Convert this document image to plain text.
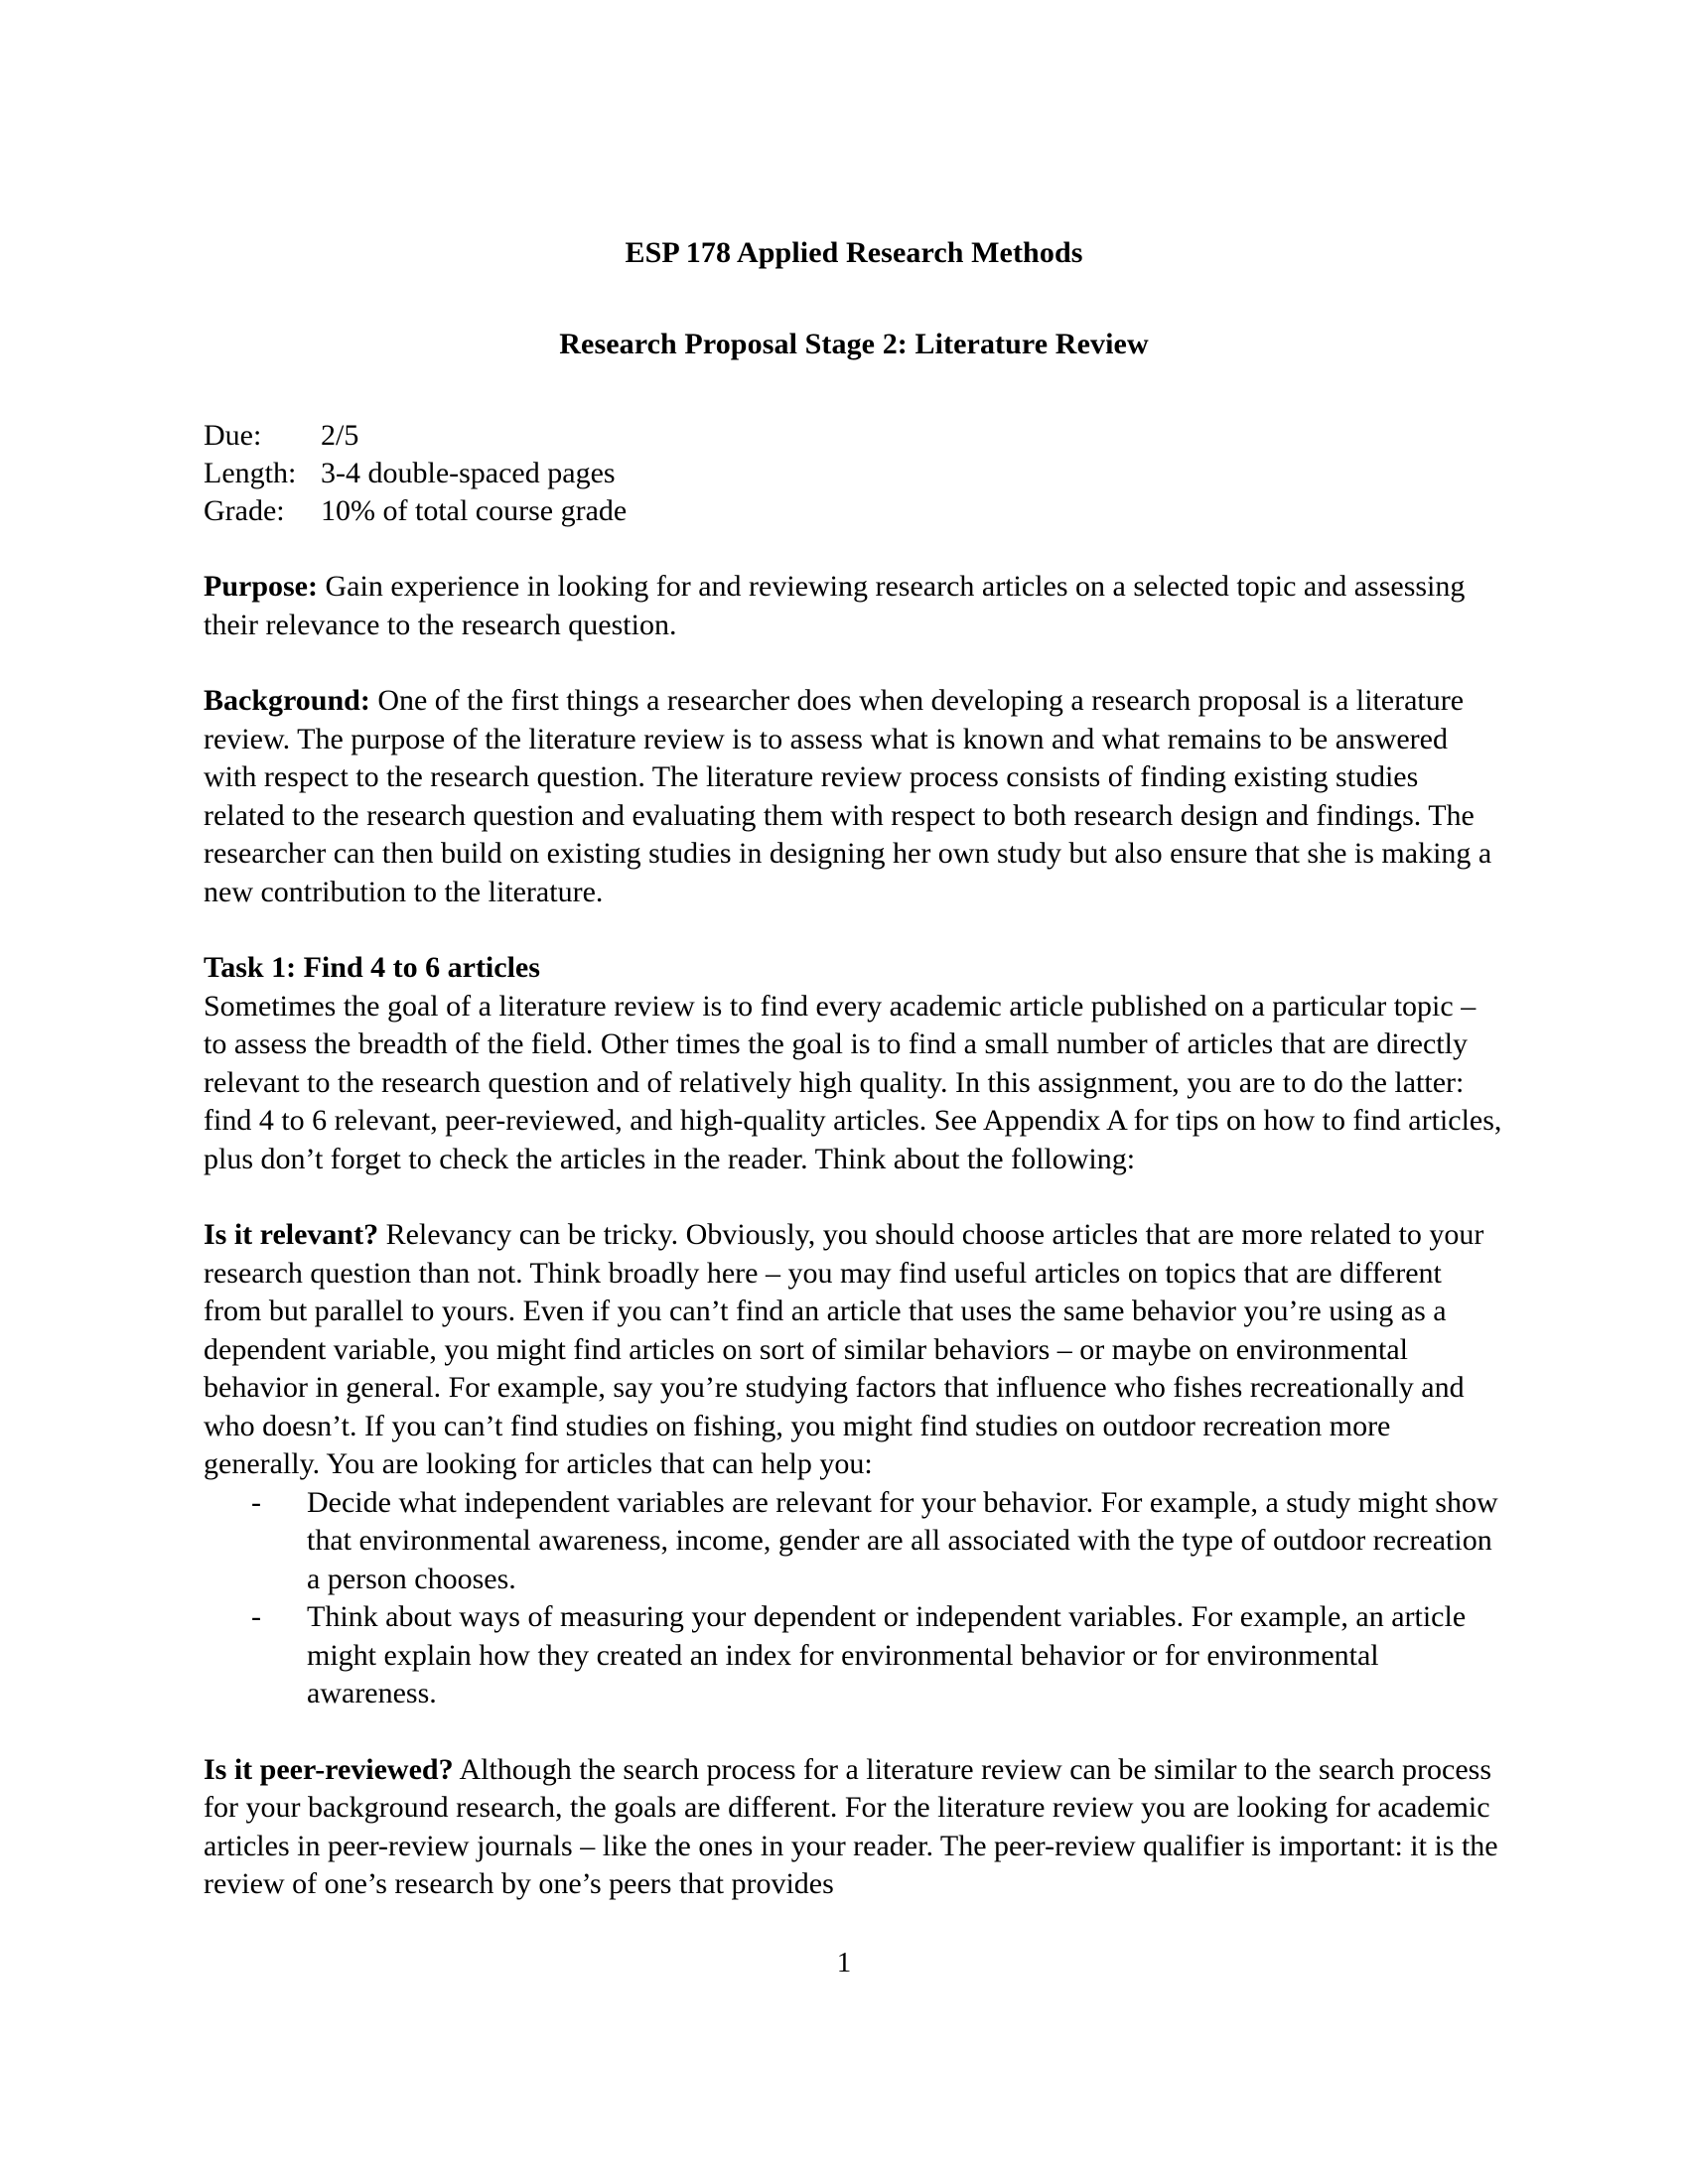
ESP 178 Applied Research Methods
Research Proposal Stage 2: Literature Review
Due: 2/5
Length: 3-4 double-spaced pages
Grade: 10% of total course grade

Purpose: Gain experience in looking for and reviewing research articles on a selected topic and assessing their relevance to the research question.

Background: One of the first things a researcher does when developing a research proposal is a literature review. The purpose of the literature review is to assess what is known and what remains to be answered with respect to the research question. The literature review process consists of finding existing studies related to the research question and evaluating them with respect to both research design and findings. The researcher can then build on existing studies in designing her own study but also ensure that she is making a new contribution to the literature.

Task 1: Find 4 to 6 articles

Sometimes the goal of a literature review is to find every academic article published on a particular topic – to assess the breadth of the field. Other times the goal is to find a small number of articles that are directly relevant to the research question and of relatively high quality. In this assignment, you are to do the latter: find 4 to 6 relevant, peer-reviewed, and high-quality articles. See Appendix A for tips on how to find articles, plus don’t forget to check the articles in the reader. Think about the following:

Is it relevant? Relevancy can be tricky. Obviously, you should choose articles that are more related to your research question than not. Think broadly here – you may find useful articles on topics that are different from but parallel to yours. Even if you can’t find an article that uses the same behavior you’re using as a dependent variable, you might find articles on sort of similar behaviors – or maybe on environmental behavior in general. For example, say you’re studying factors that influence who fishes recreationally and who doesn’t. If you can’t find studies on fishing, you might find studies on outdoor recreation more generally. You are looking for articles that can help you:

- Decide what independent variables are relevant for your behavior. For example, a study might show that environmental awareness, income, gender are all associated with the type of outdoor recreation a person chooses.
- Think about ways of measuring your dependent or independent variables. For example, an article might explain how they created an index for environmental behavior or for environmental awareness.

Is it peer-reviewed? Although the search process for a literature review can be similar to the search process for your background research, the goals are different. For the literature review you are looking for academic articles in peer-review journals – like the ones in your reader. The peer-review qualifier is important: it is the review of one’s research by one’s peers that provides

1
